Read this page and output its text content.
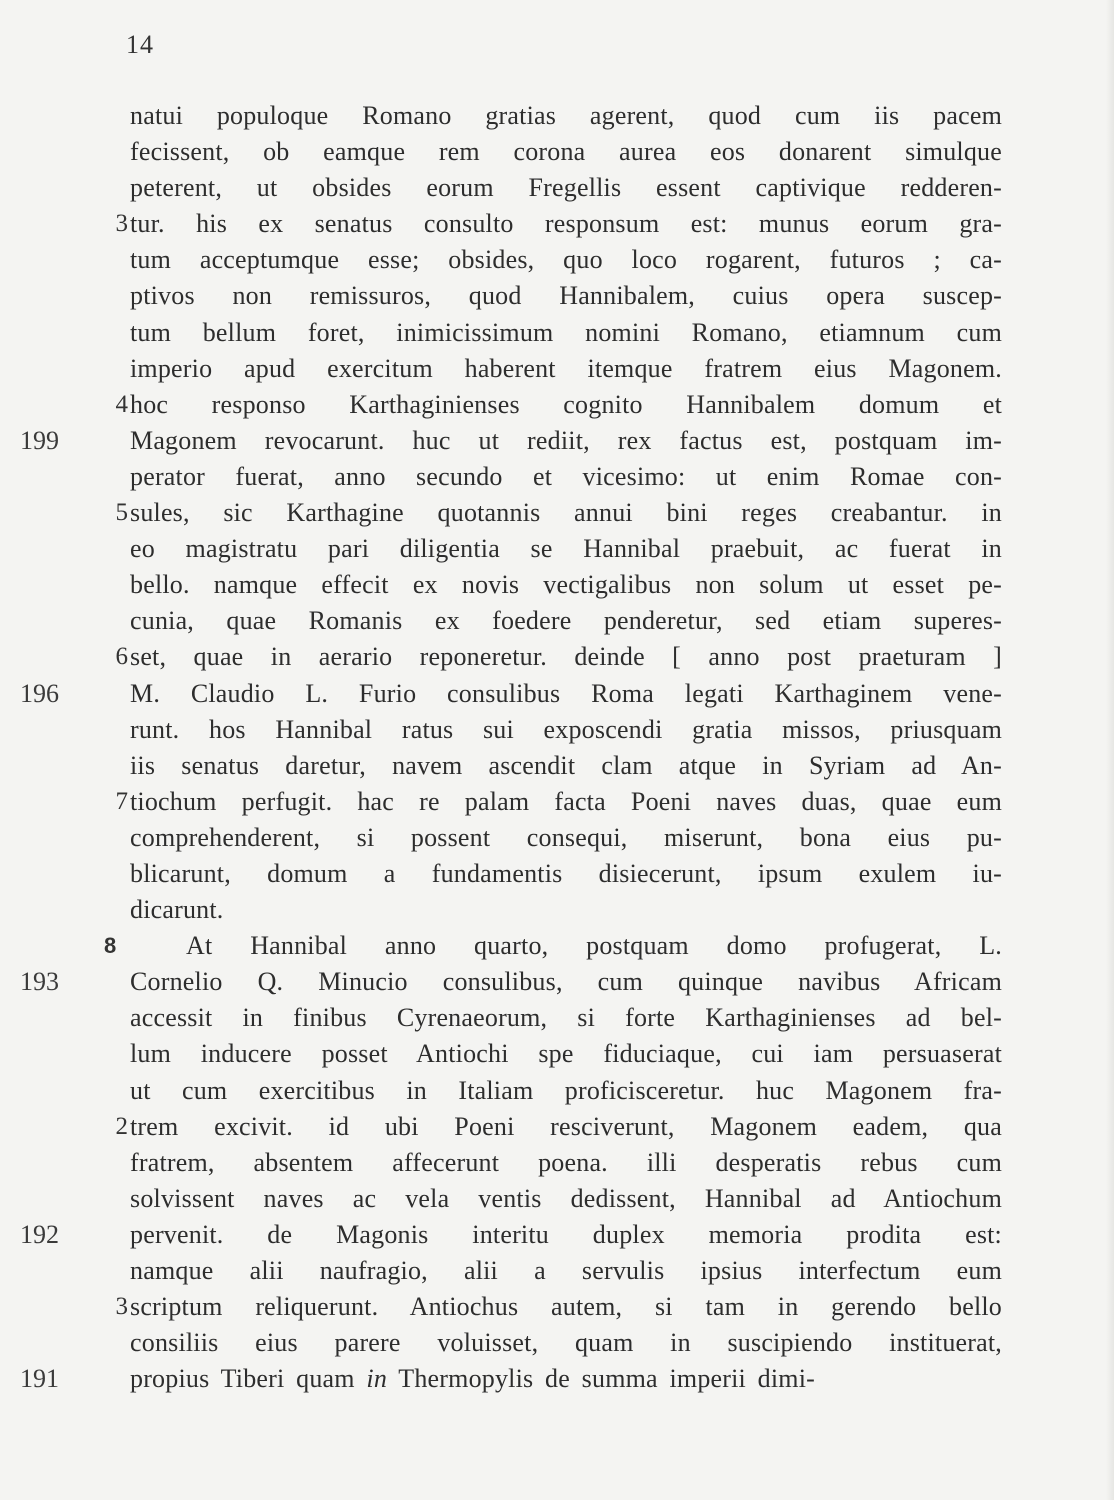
14
natui populoque Romano gratias agerent, quod cum iis pacem
fecissent, ob eamque rem corona aurea eos donarent simulque
peterent, ut obsides eorum Fregellis essent captivique redderen-
3 tur. his ex senatus consulto responsum est: munus eorum gra-
tum acceptumque esse; obsides, quo loco rogarent, futuros ; ca-
ptivos non remissuros, quod Hannibalem, cuius opera suscep-
tum bellum foret, inimicissimum nomini Romano, etiamnum cum
imperio apud exercitum haberent itemque fratrem eius Magonem.
4 hoc responso Karthaginienses cognito Hannibalem domum et
199	Magonem revocarunt. huc ut rediit, rex factus est, postquam im-
perator fuerat, anno secundo et vicesimo: ut enim Romae con-
5 sules, sic Karthagine quotannis annui bini reges creabantur. in
eo magistratu pari diligentia se Hannibal praebuit, ac fuerat in
bello. namque effecit ex novis vectigalibus non solum ut esset pe-
cunia, quae Romanis ex foedere penderetur, sed etiam superes-
6 set, quae in aerario reponeretur. deinde [ anno post praeturam ]
196	M. Claudio L. Furio consulibus Roma legati Karthaginem vene-
runt. hos Hannibal ratus sui exposcendi gratia missos, priusquam
iis senatus daretur, navem ascendit clam atque in Syriam ad An-
7 tiochum perfugit. hac re palam facta Poeni naves duas, quae eum
comprehenderent, si possent consequi, miserunt, bona eius pu-
blicarunt, domum a fundamentis disiecerunt, ipsum exulem iu-
dicarunt.
8	At Hannibal anno quarto, postquam domo profugerat, L.
193	Cornelio Q. Minucio consulibus, cum quinque navibus Africam
accessit in finibus Cyrenaeorum, si forte Karthaginienses ad bel-
lum inducere posset Antiochi spe fiduciaque, cui iam persuaserat
ut cum exercitibus in Italiam proficisceretur. huc Magonem fra-
2 trem excivit. id ubi Poeni resciverunt, Magonem eadem, qua
fratrem, absentem affecerunt poena. illi desperatis rebus cum
solvissent naves ac vela ventis dedissent, Hannibal ad Antiochum
192	pervenit. de Magonis interitu duplex memoria prodita est:
namque alii naufragio, alii a servulis ipsius interfectum eum
3 scriptum reliquerunt. Antiochus autem, si tam in gerendo bello
consiliis eius parere voluisset, quam in suscipiendo instituerat,
191	propius Tiberi quam in Thermopylis de summa imperii dimi-
